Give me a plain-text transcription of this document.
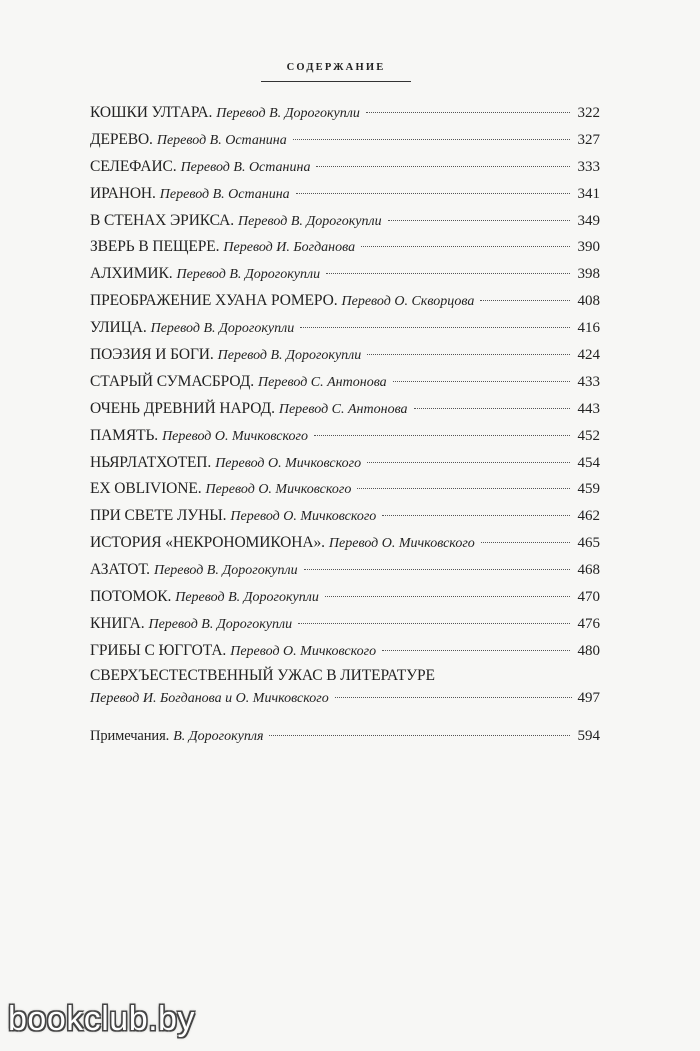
СОДЕРЖАНИЕ
КОШКИ УЛТАРА. Перевод В. Дорогокупли	322
ДЕРЕВО. Перевод В. Останина	327
СЕЛЕФАИС. Перевод В. Останина	333
ИРАНОН. Перевод В. Останина	341
В СТЕНАХ ЭРИКСА. Перевод В. Дорогокупли	349
ЗВЕРЬ В ПЕЩЕРЕ. Перевод И. Богданова	390
АЛХИМИК. Перевод В. Дорогокупли	398
ПРЕОБРАЖЕНИЕ ХУАНА РОМЕРО. Перевод О. Скворцова	408
УЛИЦА. Перевод В. Дорогокупли	416
ПОЭЗИЯ И БОГИ. Перевод В. Дорогокупли	424
СТАРЫЙ СУМАСБРОД. Перевод С. Антонова	433
ОЧЕНЬ ДРЕВНИЙ НАРОД. Перевод С. Антонова	443
ПАМЯТЬ. Перевод О. Мичковского	452
НЬЯРЛАТХОТЕП. Перевод О. Мичковского	454
EX OBLIVIONE. Перевод О. Мичковского	459
ПРИ СВЕТЕ ЛУНЫ. Перевод О. Мичковского	462
ИСТОРИЯ «НЕКРОНОМИКОНА». Перевод О. Мичковского	465
АЗАТОТ. Перевод В. Дорогокупли	468
ПОТОМОК. Перевод В. Дорогокупли	470
КНИГА. Перевод В. Дорогокупли	476
ГРИБЫ С ЮГГОТА. Перевод О. Мичковского	480
СВЕРХЪЕСТЕСТВЕННЫЙ УЖАС В ЛИТЕРАТУРЕ
Перевод И. Богданова и О. Мичковского	497
Примечания. В. Дорогокупля	594
bookclub.by
